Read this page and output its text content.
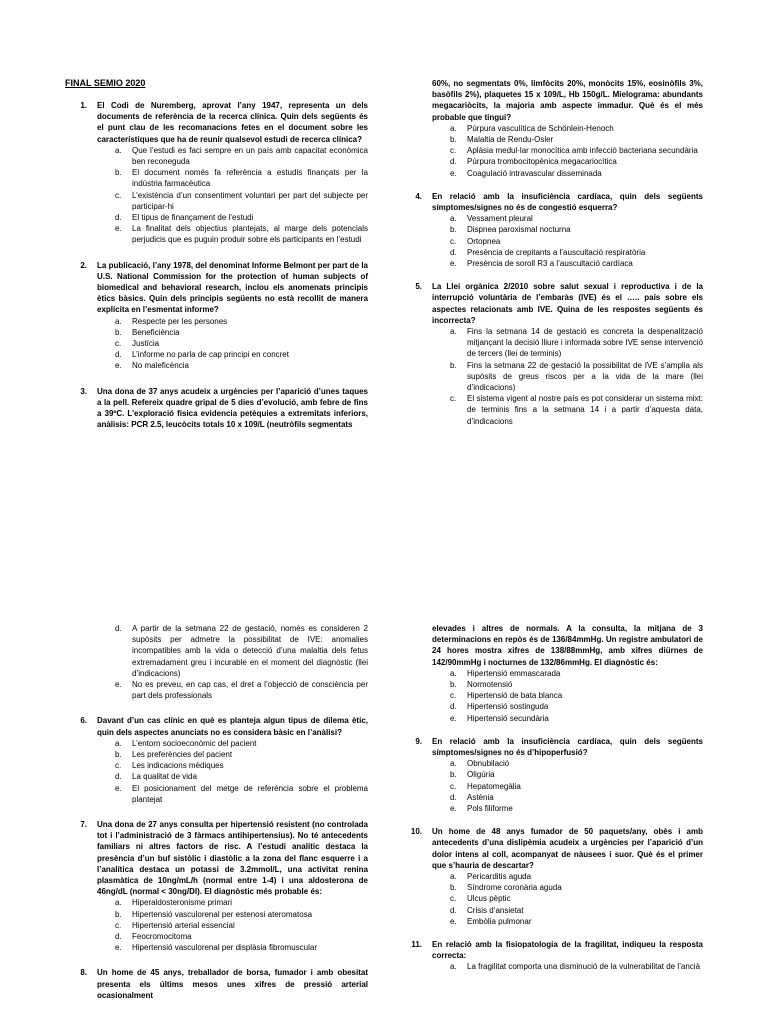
FINAL SEMIO 2020
1. El Codi de Nuremberg, aprovat l’any 1947, representa un dels documents de referència de la recerca clínica. Quin dels següents és el punt clau de les recomanacions fetes en el document sobre les característiques que ha de reunir qualsevol estudi de recerca clínica?
a. Que l’estudi es faci sempre en un país amb capacitat econòmica ben reconeguda
b. El document només fa referència a estudis finançats per la indústria farmacèutica
c. L’existència d’un consentiment voluntari per part del subjecte per participar-hi
d. El tipus de finançament de l’estudi
e. La finalitat dels objectius plantejats, al marge dels potencials perjudicis que es puguin produir sobre els participants en l’estudi
2. La publicació, l’any 1978, del denominat Informe Belmont per part de la U.S. National Commission for the protection of human subjects of biomedical and behavioral research, inclou els anomenats principis ètics bàsics. Quin dels principis següents no està recollit de manera explícita en l’esmentat informe?
a. Respecte per les persones
b. Beneficiència
c. Justícia
d. L’informe no parla de cap principi en concret
e. No maleficència
3. Una dona de 37 anys acudeix a urgències per l’aparició d’unes taques a la pell. Refereix quadre gripal de 5 dies d’evolució, amb febre de fins a 39ºC. L’exploració física evidencia petèquies a extremitats inferiors, anàlisis: PCR 2.5, leucòcits totals 10 x 109/L (neutròfils segmentats
60%, no segmentats 0%, limfòcits 20%, monòcits 15%, eosinòfils 3%, basòfils 2%), plaquetes 15 x 109/L, Hb 150g/L. Mielograma: abundants megacariòcits, la majoria amb aspecte immadur. Què és el més probable que tingui?
a. Púrpura vasculítica de Schönlein-Henoch
b. Malaltia de Rendu-Osler
c. Aplàsia medul·lar monocítica amb infecció bacteriana secundària
d. Púrpura trombocitopènica megacariocítica
e. Coagulació intravascular disseminada
4. En relació amb la insuficiència cardíaca, quin dels següents símptomes/signes no és de congestió esquerra?
a. Vessament pleural
b. Dispnea paroxismal nocturna
c. Ortopnea
d. Presència de crepitants a l’auscultació respiratòria
e. Presència de soroll R3 a l’auscultació cardíaca
5. La Llei orgànica 2/2010 sobre salut sexual i reproductiva i de la interrupció voluntària de l’embaràs (IVE) és el ….. país sobre els aspectes relacionats amb IVE. Quina de les respostes següents és incorrecta?
a. Fins la setmana 14 de gestació es concreta la despenalització mitjançant la decisió lliure i informada sobre IVE sense intervenció de tercers (llei de terminis)
b. Fins la setmana 22 de gestació la possibilitat de IVE s’amplia als supòsits de greus riscos per a la vida de la mare (llei d’indicacions)
c. El sistema vigent al nostre país es pot considerar un sistema mixt: de terminis fins a la setmana 14 i a partir d’aquesta data, d’indicacions
d. A partir de la setmana 22 de gestació, només es consideren 2 supòsits per admetre la possibilitat de IVE: anomalies incompatibles amb la vida o detecció d’una malaltia dels fetus extremadament greu i incurable en el moment del diagnòstic (llei d’indicacions)
e. No es preveu, en cap cas, el dret a l’objecció de consciència per part dels professionals
6. Davant d’un cas clínic en què es planteja algun tipus de dilema ètic, quin dels aspectes anunciats no es considera bàsic en l’anàlisi?
a. L’entorn socioeconòmic del pacient
b. Les preferències del pacient
c. Les indicacions mèdiques
d. La qualitat de vida
e. El posicionament del metge de referència sobre el problema plantejat
7. Una dona de 27 anys consulta per hipertensió resistent (no controlada tot i l’administració de 3 fàrmacs antihipertensius). No té antecedents familiars ni altres factors de risc. A l’estudi analític destaca la presència d’un buf sistòlic i diastòlic a la zona del flanc esquerre i a l’analítica destaca un potassi de 3.2mmol/L, una activitat renina plasmàtica de 10ng/mL/h (normal entre 1-4) i una aldosterona de 46ng/dL (normal < 30ng/Dl). El diagnòstic més probable és:
a. Hiperaldosteronisme primari
b. Hipertensió vasculorenal per estenosi ateromatosa
c. Hipertensió arterial essencial
d. Feocromocitoma
e. Hipertensió vasculorenal per displàsia fibromuscular
8. Un home de 45 anys, treballador de borsa, fumador i amb obesitat presenta els últims mesos unes xifres de pressió arterial ocasionalment
elevades i altres de normals. A la consulta, la mitjana de 3 determinacions en repòs és de 136/84mmHg. Un registre ambulatori de 24 hores mostra xifres de 138/88mmHg, amb xifres diürnes de 142/90mmHg i nocturnes de 132/86mmHg. El diagnòstic és:
a. Hipertensió emmascarada
b. Normotensió
c. Hipertensió de bata blanca
d. Hipertensió sostinguda
e. Hipertensió secundària
9. En relació amb la insuficiència cardíaca, quin dels següents símptomes/signes no és d’hipoperfusió?
a. Obnubilació
b. Oligúria
c. Hepatomegàlia
d. Astènia
e. Pols filiforme
10. Un home de 48 anys fumador de 50 paquets/any, obès i amb antecedents d’una dislipèmia acudeix a urgències per l’aparició d’un dolor intens al coll, acompanyat de nàusees i suor. Què és el primer que s’hauria de descartar?
a. Pericarditis aguda
b. Síndrome coronària aguda
c. Ulcus pèptic
d. Crisis d’ansietat
e. Embòlia pulmonar
11. En relació amb la fisiopatologia de la fragilitat, indiqueu la resposta correcta:
a. La fragilitat comporta una disminució de la vulnerabilitat de l’ancià
